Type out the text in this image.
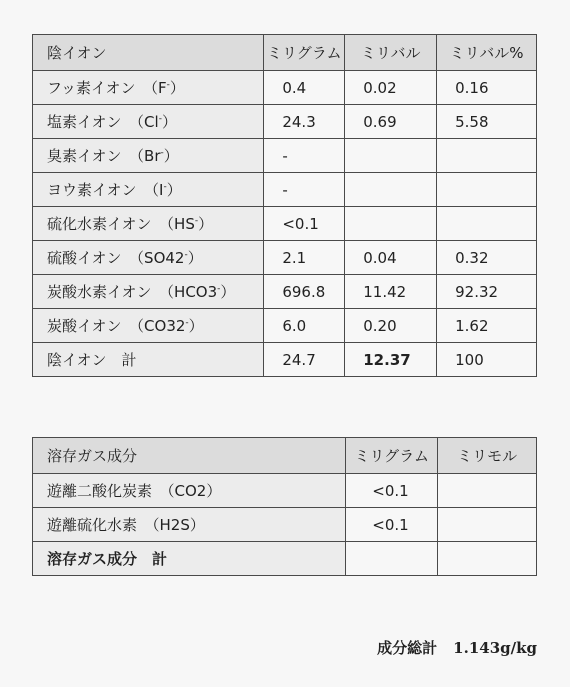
陰イオン	ミリグラム	ミリバル	ミリバル%
フッ素イオン　（F-）	0.4	0.02	0.16
塩素イオン　（Cl-）	24.3	0.69	5.58
臭素イオン　（Br-）	-		
ヨウ素イオン　（I-）	-		
硫化水素イオン　（HS-）	<0.1		
硫酸イオン　（SO42-）	2.1	0.04	0.32
炭酸水素イオン　（HCO3-）	696.8	11.42	92.32
炭酸イオン　（CO32-）	6.0	0.20	1.62
陰イオン　計	24.7	12.37	100
溶存ガス成分	ミリグラム	ミリモル
遊離二酸化炭素　（CO2）	<0.1	
遊離硫化水素　（H2S）	<0.1	
溶存ガス成分　計		
成分総計 1.143g/kg
